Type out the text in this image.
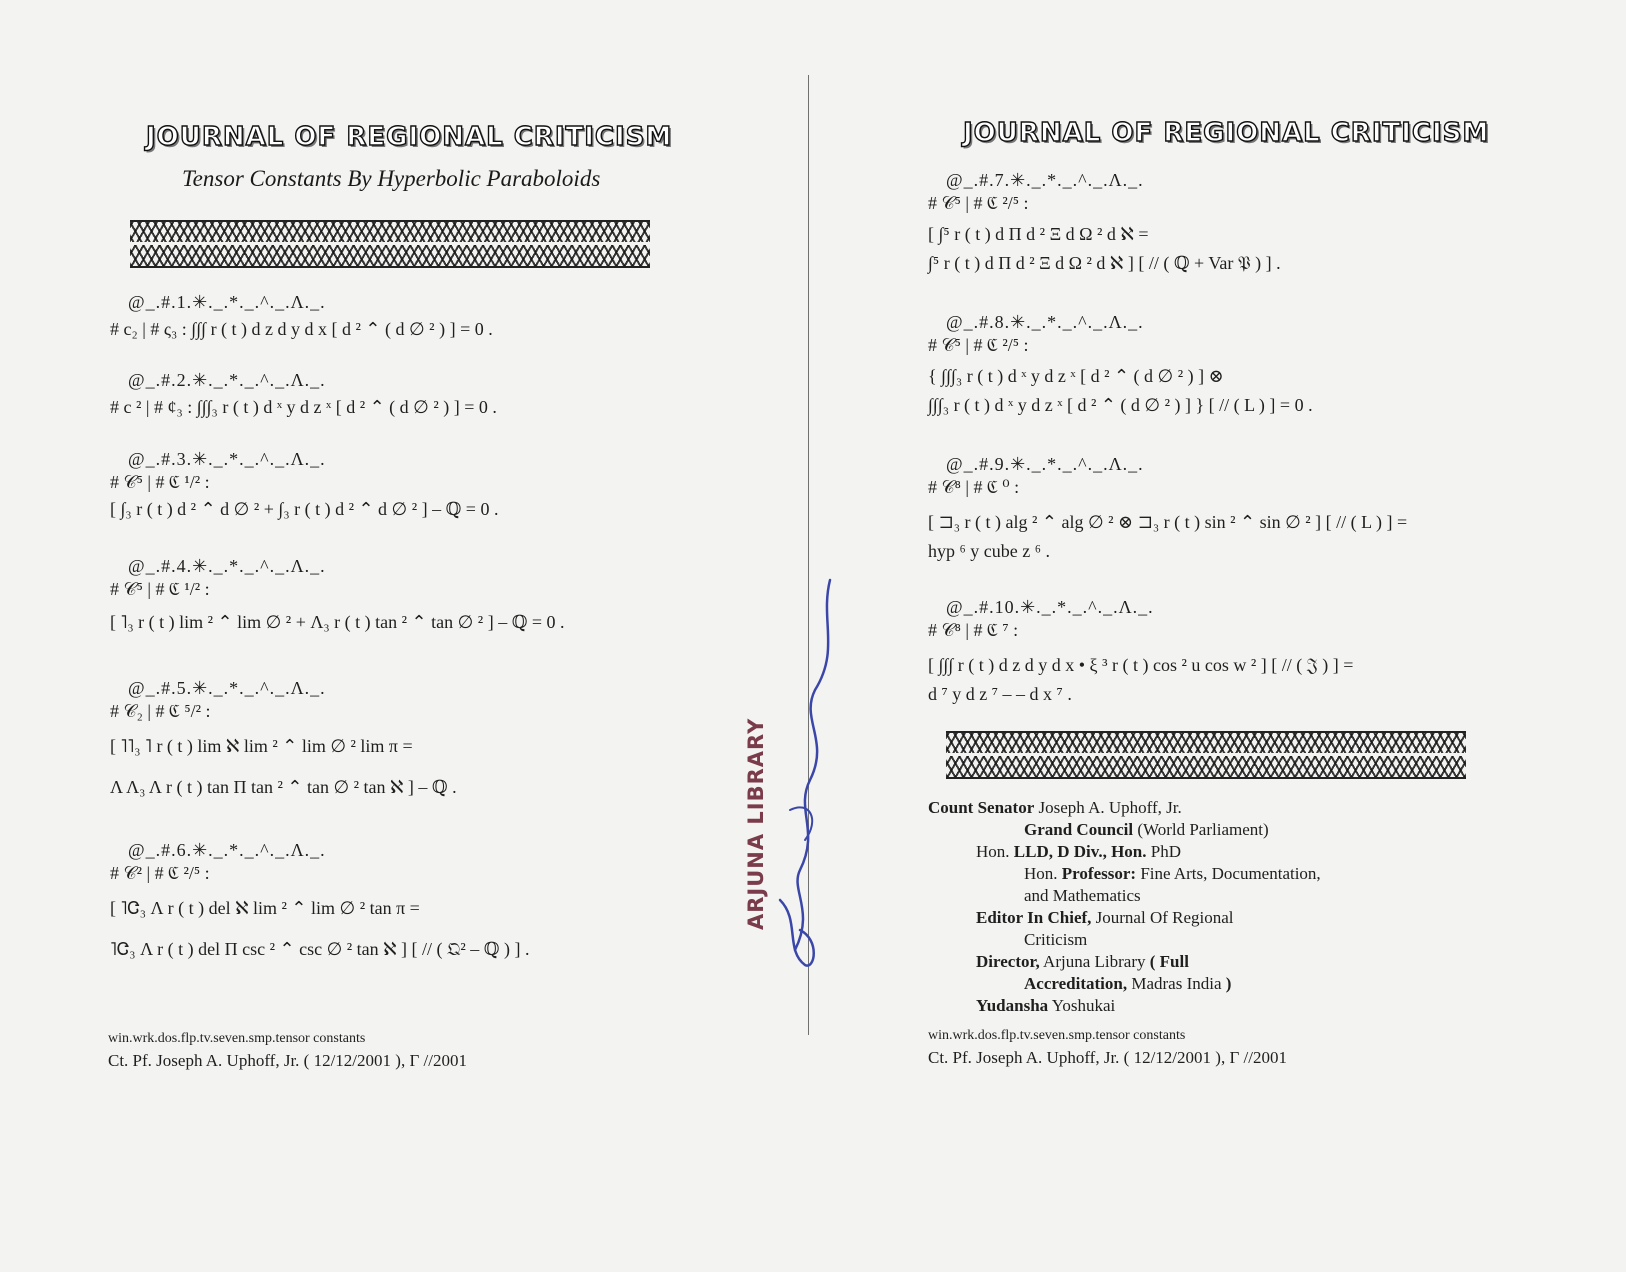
JOURNAL OF REGIONAL CRITICISM
Tensor Constants By Hyperbolic Paraboloids
@_.#.1.✳._.*._.^._.Λ._.
# c₂ | # ς₃ : ∫∫∫ r ( t ) d z d y d x [ d ² ⌃ ( d ∅ ² ) ] = 0 .
@_.#.2.✳._.*._.^._.Λ._.
# c ² | # ¢₃ : ∫∫∫₃ r ( t ) d ˣ y d z ˣ [ d ² ⌃ ( d ∅ ² ) ] = 0 .
@_.#.3.✳._.*._.^._.Λ._.
# 𝒞⁵ | # ℭ ¹/² :
[ ∫₃ r ( t ) d ² ⌃ d ∅ ² + ∫₃ r ( t ) d ² ⌃ d ∅ ² ] – ℚ = 0 .
@_.#.4.✳._.*._.^._.Λ._.
# 𝒞⁵ | # ℭ ¹/² :
[ ˥₃ r ( t ) lim ² ⌃ lim ∅ ² + Λ₃ r ( t ) tan ² ⌃ tan ∅ ² ] – ℚ = 0 .
@_.#.5.✳._.*._.^._.Λ._.
# 𝒞₂ | # ℭ ⁵/² :
[ ˥˥₃ ˥ r ( t ) lim ℵ lim ² ⌃ lim ∅ ² lim π =
Λ Λ₃ Λ r ( t ) tan Π tan ² ⌃ tan ∅ ² tan ℵ ] – ℚ .
@_.#.6.✳._.*._.^._.Λ._.
# 𝒞² | # ℭ ²/⁵ :
[ ˥Ꮳ₃ Λ r ( t ) del ℵ lim ² ⌃ lim ∅ ² tan π =
˥Ꮳ₃ Λ r ( t ) del Π csc ² ⌃ csc ∅ ² tan ℵ ] [ // ( 𝔔² – ℚ ) ] .
win.wrk.dos.flp.tv.seven.smp.tensor constants
Ct. Pf. Joseph A. Uphoff, Jr. ( 12/12/2001 ), Γ //2001
ARJUNA LIBRARY
JOURNAL OF REGIONAL CRITICISM
@_.#.7.✳._.*._.^._.Λ._.
# 𝒞⁵ | # ℭ ²/⁵ :
[ ∫⁵ r ( t ) d Π d ² Ξ d Ω ² d ℵ =
∫⁵ r ( t ) d Π d ² Ξ d Ω ² d ℵ ] [ // ( ℚ + Var 𝔓 ) ] .
@_.#.8.✳._.*._.^._.Λ._.
# 𝒞⁵ | # ℭ ²/⁵ :
{ ∫∫∫₃ r ( t ) d ˣ y d z ˣ [ d ² ⌃ ( d ∅ ² ) ] ⊗
∫∫∫₃ r ( t ) d ˣ y d z ˣ [ d ² ⌃ ( d ∅ ² ) ] } [ // ( L ) ] = 0 .
@_.#.9.✳._.*._.^._.Λ._.
# 𝒞⁸ | # ℭ ⁰ :
[ ⊐₃ r ( t ) alg ² ⌃ alg ∅ ² ⊗ ⊐₃ r ( t ) sin ² ⌃ sin ∅ ² ] [ // ( L ) ] =
hyp ⁶ y cube z ⁶ .
@_.#.10.✳._.*._.^._.Λ._.
# 𝒞⁸ | # ℭ ⁷ :
[ ∫∫∫ r ( t ) d z d y d x • ξ ³ r ( t ) cos ² u cos w ² ] [ // ( 𝔍 ) ] =
d ⁷ y d z ⁷ – – d x ⁷ .
Count Senator Joseph A. Uphoff, Jr.
Grand Council (World Parliament)
Hon. LLD, D Div., Hon. PhD
Hon. Professor: Fine Arts, Documentation,
and Mathematics
Editor In Chief, Journal Of Regional
Criticism
Director, Arjuna Library ( Full
Accreditation, Madras India )
Yudansha Yoshukai
win.wrk.dos.flp.tv.seven.smp.tensor constants
Ct. Pf. Joseph A. Uphoff, Jr. ( 12/12/2001 ), Γ //2001
